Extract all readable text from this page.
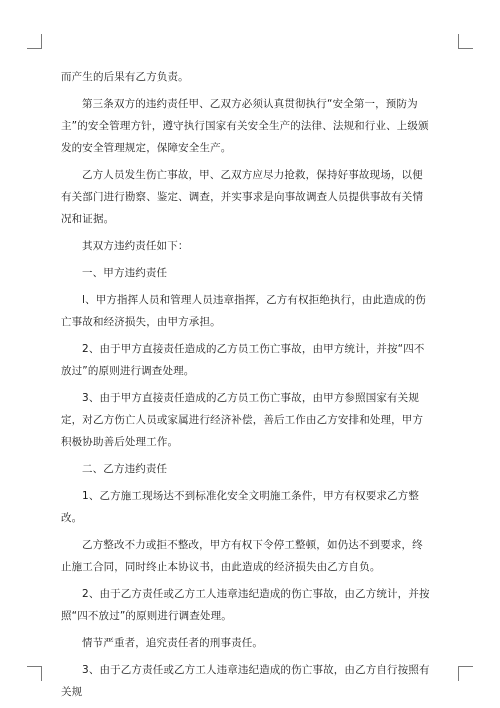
而产生的后果有乙方负责。

第三条双方的违约责任甲、乙双方必须认真贯彻执行“安全第一，预防为主”的安全管理方针，遵守执行国家有关安全生产的法律、法规和行业、上级颁发的安全管理规定，保障安全生产。

乙方人员发生伤亡事故，甲、乙双方应尽力抢救，保持好事故现场，以便有关部门进行勘察、鉴定、调查，并实事求是向事故调查人员提供事故有关情况和证据。

其双方违约责任如下：

一、甲方违约责任

l、甲方指挥人员和管理人员违章指挥，乙方有权拒绝执行，由此造成的伤亡事故和经济损失，由甲方承担。

2、由于甲方直接责任造成的乙方员工伤亡事故，由甲方统计，并按“四不放过”的原则进行调查处理。

3、由于甲方直接责任造成的乙方员工伤亡事故，由甲方参照国家有关规定，对乙方伤亡人员或家属进行经济补偿，善后工作由乙方安排和处理，甲方积极协助善后处理工作。

二、乙方违约责任

1、乙方施工现场达不到标准化安全文明施工条件，甲方有权要求乙方整改。

乙方整改不力或拒不整改，甲方有权下令停工整顿，如仍达不到要求，终止施工合同，同时终止本协议书，由此造成的经济损失由乙方自负。

2、由于乙方责任或乙方工人违章违纪造成的伤亡事故，由乙方统计，并按照“四不放过”的原则进行调查处理。

情节严重者，追究责任者的刑事责任。

3、由于乙方责任或乙方工人违章违纪造成的伤亡事故，由乙方自行按照有关规
